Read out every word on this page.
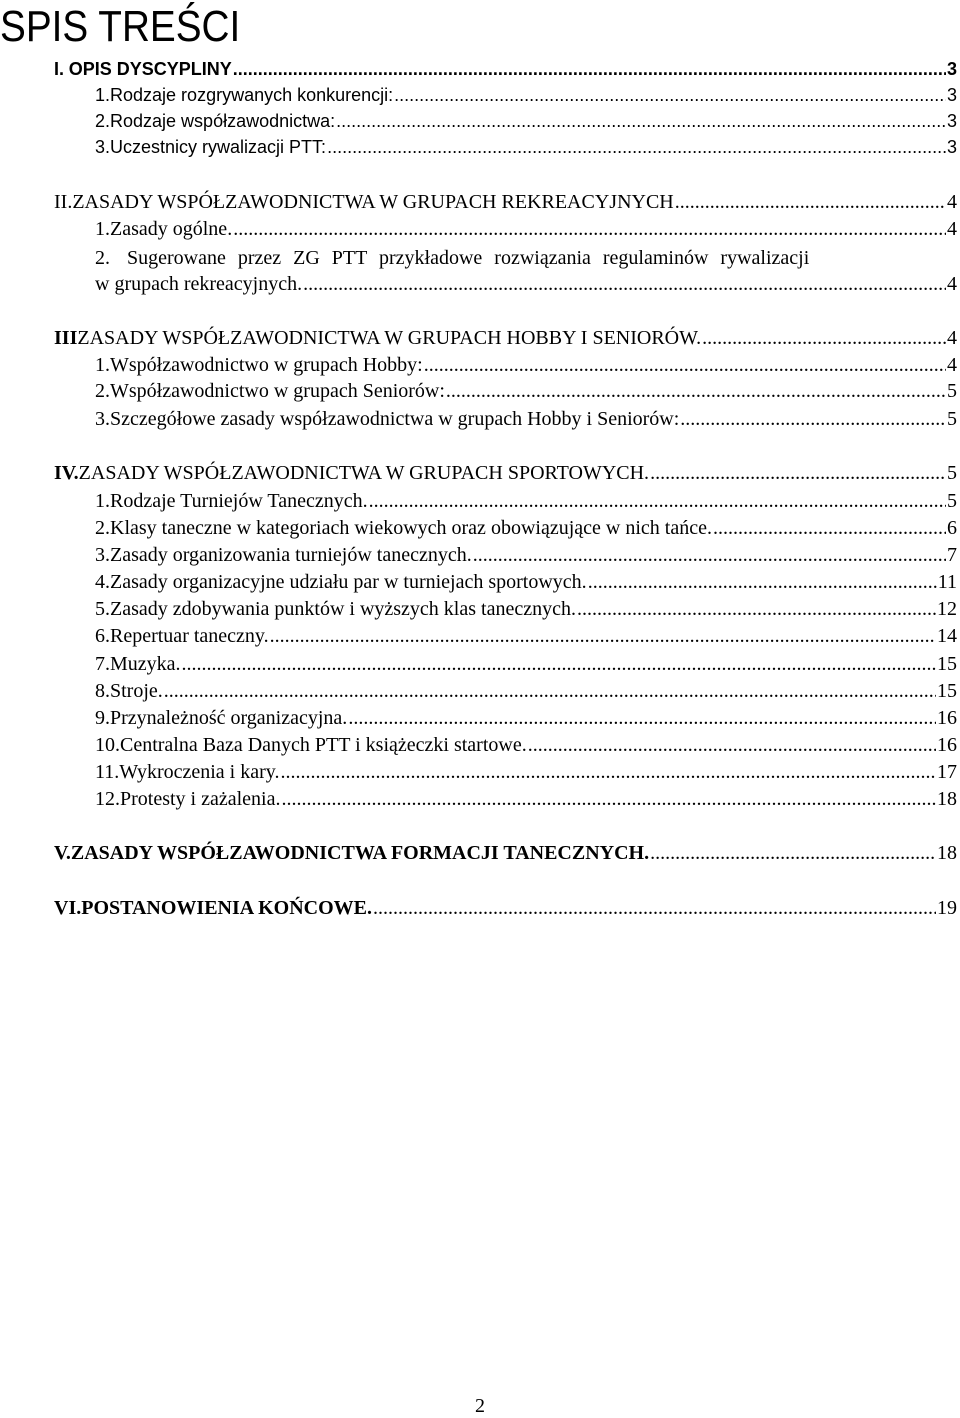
SPIS TREŚCI
I. OPIS DYSCYPLINY .....	3
1. Rodzaje rozgrywanych konkurencji: .....	3
2. Rodzaje współzawodnictwa: .....	3
3. Uczestnicy rywalizacji PTT: .....	3
II. ZASADY WSPÓŁZAWODNICTWA W GRUPACH REKREACYJNYCH .....	4
1. Zasady ogólne. .....	4
2. Sugerowane przez ZG PTT przykładowe rozwiązania regulaminów rywalizacji
w grupach rekreacyjnych. .....	4
III ZASADY WSPÓŁZAWODNICTWA W GRUPACH HOBBY I SENIORÓW. .....	4
1. Współzawodnictwo w grupach Hobby: .....	4
2. Współzawodnictwo w grupach Seniorów: .....	5
3. Szczegółowe zasady współzawodnictwa w grupach Hobby i Seniorów: .....	5
IV. ZASADY WSPÓŁZAWODNICTWA W GRUPACH SPORTOWYCH. .....	5
1. Rodzaje Turniejów Tanecznych. .....	5
2. Klasy taneczne w kategoriach wiekowych oraz obowiązujące w nich tańce. .....	6
3. Zasady organizowania turniejów tanecznych. .....	7
4. Zasady organizacyjne udziału par w turniejach sportowych. .....	11
5. Zasady zdobywania punktów i wyższych klas tanecznych. .....	12
6. Repertuar taneczny. .....	14
7. Muzyka. .....	15
8. Stroje. .....	15
9. Przynależność organizacyjna. .....	16
10. Centralna Baza Danych PTT i książeczki startowe. .....	16
11. Wykroczenia i kary. .....	17
12. Protesty i zażalenia. .....	18
V. ZASADY WSPÓŁZAWODNICTWA FORMACJI TANECZNYCH. .....	18
VI. POSTANOWIENIA KOŃCOWE. .....	19
2
